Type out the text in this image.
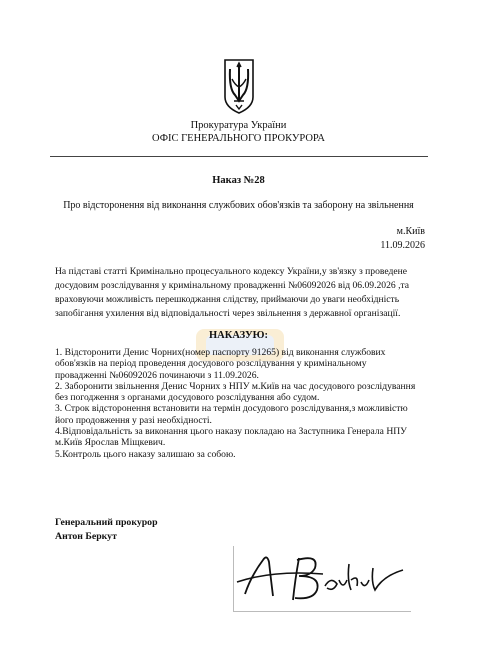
Прокуратура України
ОФІС ГЕНЕРАЛЬНОГО ПРОКУРОРА
Наказ №28
Про відсторонення від виконання службових обов'язків та заборону на звільнення
м.Київ
11.09.2026
На підставі статті Кримінально процесуального кодексу України,у зв'язку з проведене
досудовим розслідування у кримінальному провадженні №06092026 від 06.09.2026 ,та
враховуючи можливість перешкоджання слідству, приймаючи до уваги необхідність
запобігання ухилення від відповідальності через звільнення з державної організації.
НАКАЗУЮ:
1. Відсторонити Денис Чорних(номер паспорту 91265) від виконання службових
обов'язків на період проведення досудового розслідування у кримінальному
провадженні №06092026 починаючи з 11.09.2026.
2. Заборонити звільнення Денис Чорних з НПУ м.Київ на час досудового розслідування
без погодження з органами досудового розслідування або судом.
3. Строк відсторонення встановити на термін досудового розслідування,з можливістю
його продовження у разі необхідності.
4.Відповідальність за виконання цього наказу покладаю на Заступника Генерала НПУ
м.Київ Ярослав Міщкевич.
5.Контроль цього наказу залишаю за собою.
Генеральний прокурор
Антон Беркут
